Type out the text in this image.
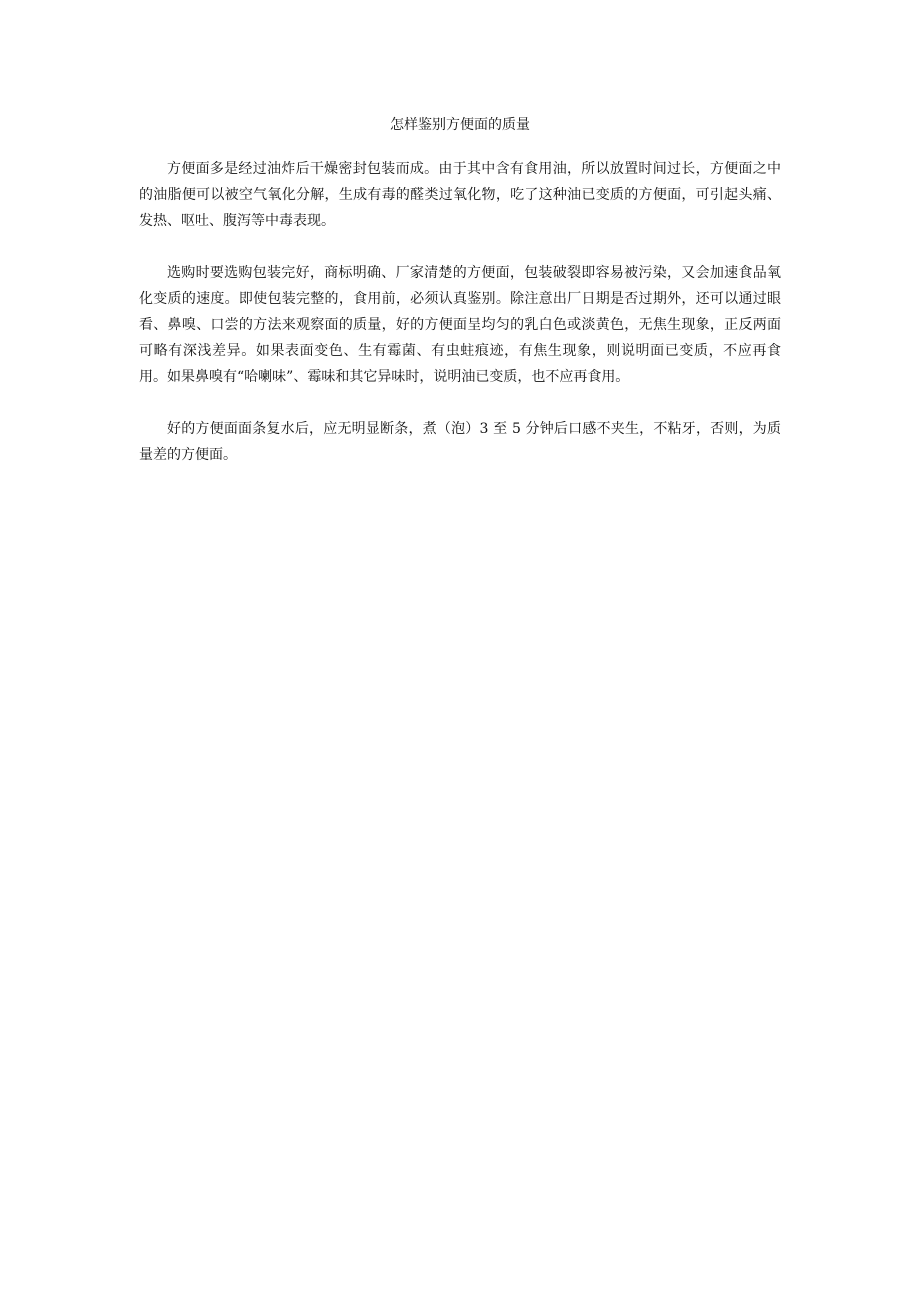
怎样鉴别方便面的质量

方便面多是经过油炸后干燥密封包装而成。由于其中含有食用油，所以放置时间过长，方便面之中的油脂便可以被空气氧化分解，生成有毒的醛类过氧化物，吃了这种油已变质的方便面，可引起头痛、发热、呕吐、腹泻等中毒表现。

选购时要选购包装完好，商标明确、厂家清楚的方便面，包装破裂即容易被污染，又会加速食品氧化变质的速度。即使包装完整的，食用前，必须认真鉴别。除注意出厂日期是否过期外，还可以通过眼看、鼻嗅、口尝的方法来观察面的质量，好的方便面呈均匀的乳白色或淡黄色，无焦生现象，正反两面可略有深浅差异。如果表面变色、生有霉菌、有虫蛀痕迹，有焦生现象，则说明面已变质，不应再食用。如果鼻嗅有“哈喇味”、霉味和其它异味时，说明油已变质，也不应再食用。

好的方便面面条复水后，应无明显断条，煮（泡）3 至 5 分钟后口感不夹生，不粘牙，否则，为质量差的方便面。
